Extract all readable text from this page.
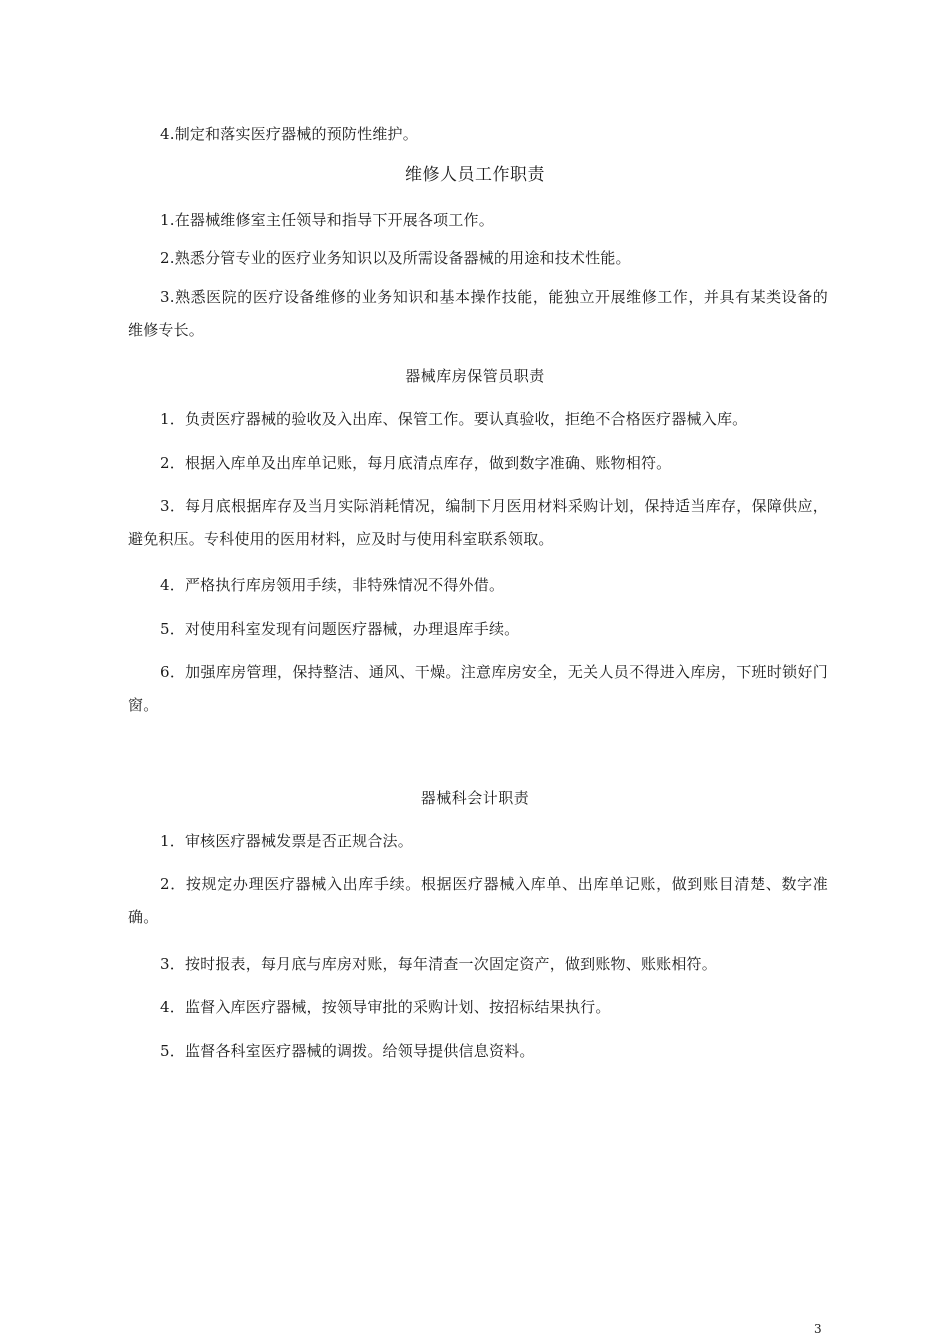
4.制定和落实医疗器械的预防性维护。
维修人员工作职责
1.在器械维修室主任领导和指导下开展各项工作。
2.熟悉分管专业的医疗业务知识以及所需设备器械的用途和技术性能。
3.熟悉医院的医疗设备维修的业务知识和基本操作技能，能独立开展维修工作，并具有某类设备的维修专长。
器械库房保管员职责
1．负责医疗器械的验收及入出库、保管工作。要认真验收，拒绝不合格医疗器械入库。
2．根据入库单及出库单记账，每月底清点库存，做到数字准确、账物相符。
3．每月底根据库存及当月实际消耗情况，编制下月医用材料采购计划，保持适当库存，保障供应，避免积压。专科使用的医用材料，应及时与使用科室联系领取。
4．严格执行库房领用手续，非特殊情况不得外借。
5．对使用科室发现有问题医疗器械，办理退库手续。
6．加强库房管理，保持整洁、通风、干燥。注意库房安全，无关人员不得进入库房，下班时锁好门窗。
器械科会计职责
1．审核医疗器械发票是否正规合法。
2．按规定办理医疗器械入出库手续。根据医疗器械入库单、出库单记账，做到账目清楚、数字准确。
3．按时报表，每月底与库房对账，每年清查一次固定资产，做到账物、账账相符。
4．监督入库医疗器械，按领导审批的采购计划、按招标结果执行。
5．监督各科室医疗器械的调拨。给领导提供信息资料。
3
